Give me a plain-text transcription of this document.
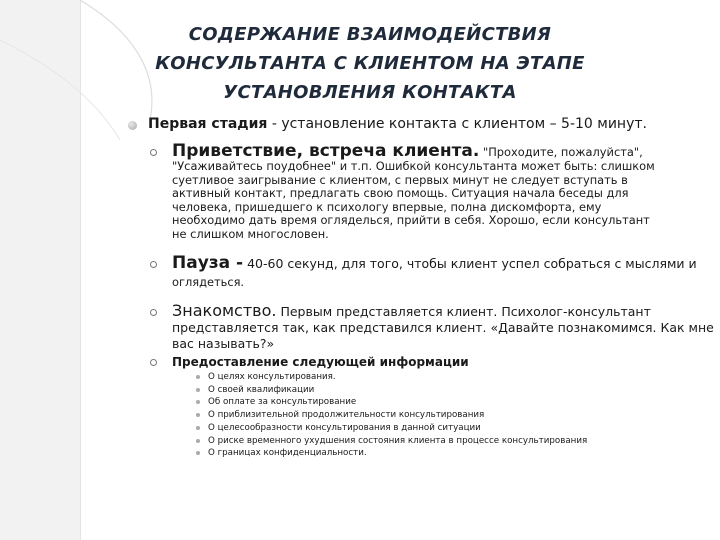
СОДЕРЖАНИЕ ВЗАИМОДЕЙСТВИЯ
КОНСУЛЬТАНТА С КЛИЕНТОМ НА ЭТАПЕ
УСТАНОВЛЕНИЯ КОНТАКТА
Первая стадия - установление контакта с клиентом – 5-10 минут.
Приветствие, встреча клиента. "Проходите, пожалуйста",
"Усаживайтесь поудобнее" и т.п. Ошибкой консультанта может быть: слишком
суетливое заигрывание с клиентом, с первых минут не следует вступать в
активный контакт, предлагать свою помощь. Ситуация начала беседы для
человека, пришедшего к психологу впервые, полна дискомфорта, ему
необходимо дать время огляделься, прийти в себя. Хорошо, если консультант
не слишком многословен.
Пауза - 40-60 секунд, для того, чтобы клиент успел собраться с мыслями и
оглядеться.
Знакомство. Первым представляется клиент. Психолог-консультант
представляется так, как представился клиент. «Давайте познакомимся. Как мне
вас называть?»
Предоставление следующей информации
О целях консультирования.
О своей квалификации
Об оплате за консультирование
О приблизительной продолжительности консультирования
О целесообразности консультирования в данной ситуации
О риске временного ухудшения состояния клиента в процессе консультирования
О границах конфиденциальности.
